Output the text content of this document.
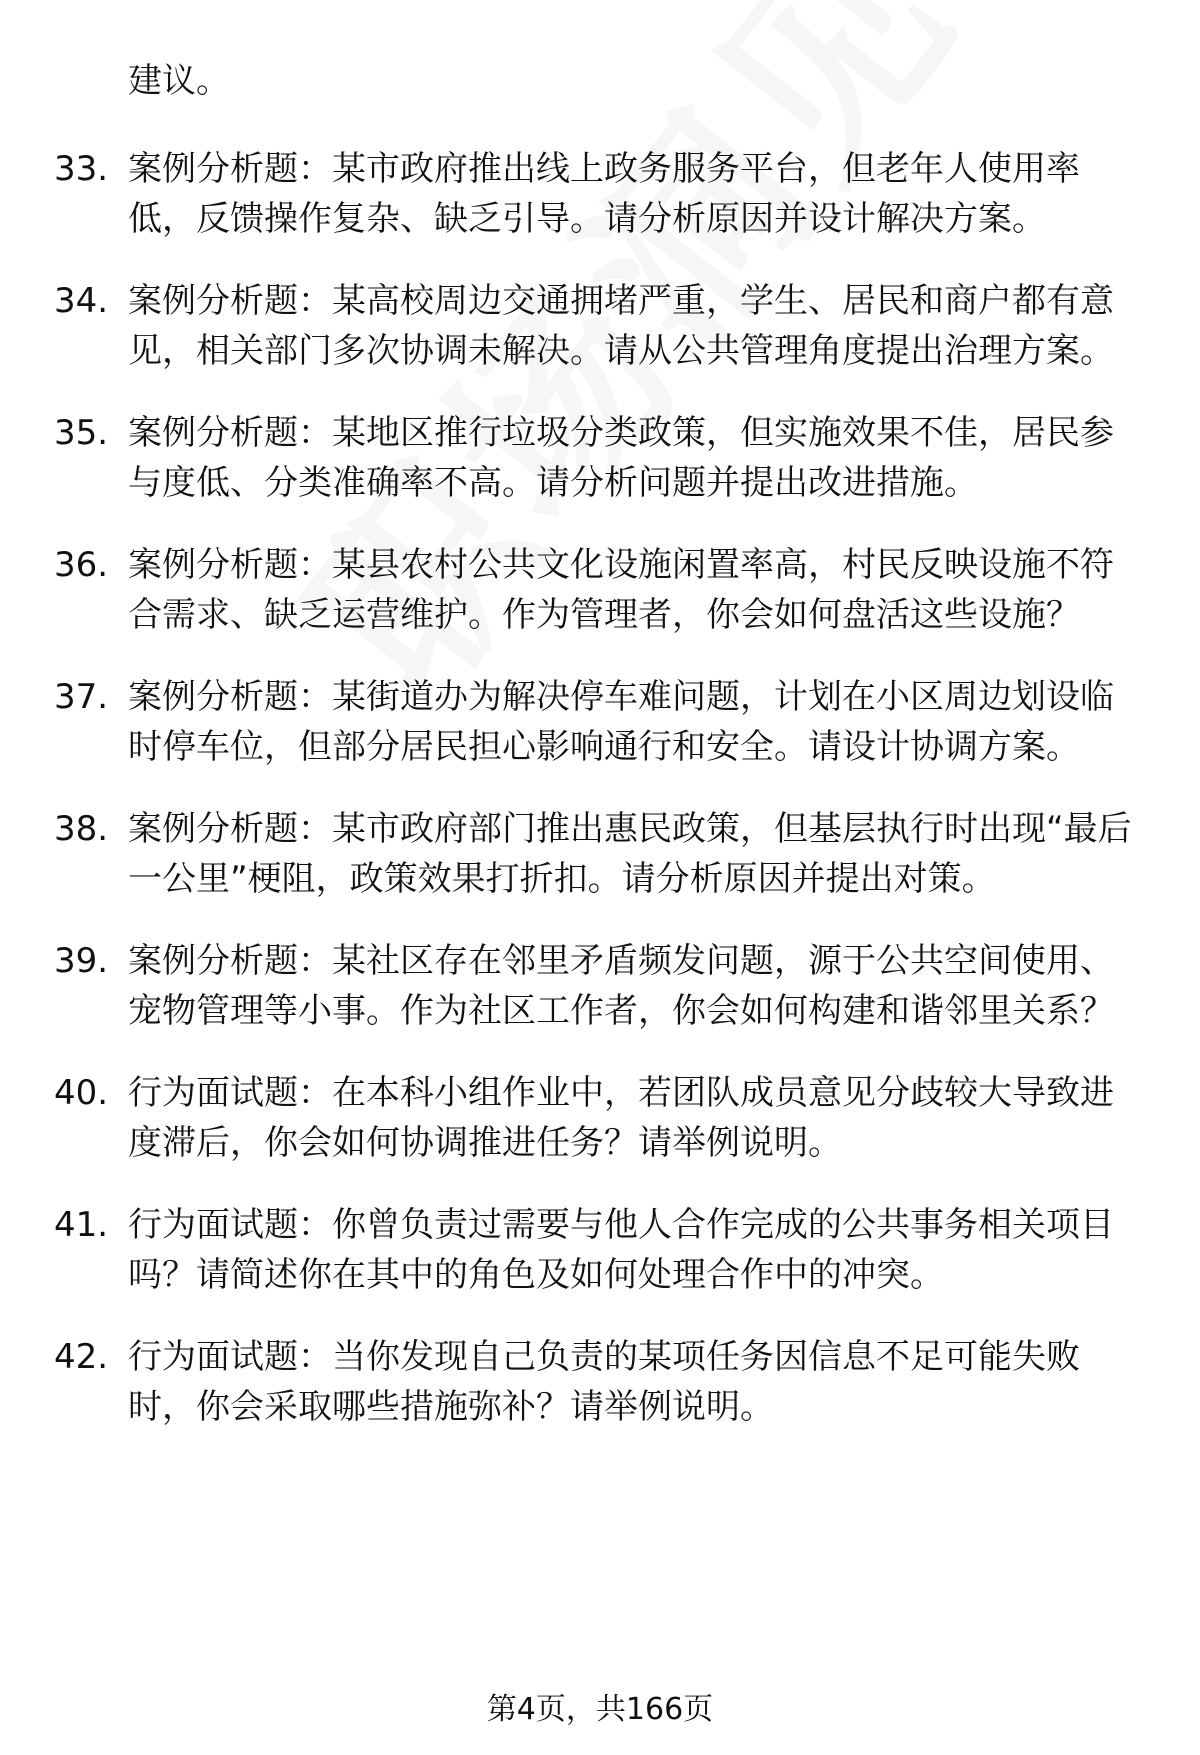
建议。
33. 案例分析题：某市政府推出线上政务服务平台，但老年人使用率低，反馈操作复杂、缺乏引导。请分析原因并设计解决方案。
34. 案例分析题：某高校周边交通拥堵严重，学生、居民和商户都有意见，相关部门多次协调未解决。请从公共管理角度提出治理方案。
35. 案例分析题：某地区推行垃圾分类政策，但实施效果不佳，居民参与度低、分类准确率不高。请分析问题并提出改进措施。
36. 案例分析题：某县农村公共文化设施闲置率高，村民反映设施不符合需求、缺乏运营维护。作为管理者，你会如何盘活这些设施？
37. 案例分析题：某街道办为解决停车难问题，计划在小区周边划设临时停车位，但部分居民担心影响通行和安全。请设计协调方案。
38. 案例分析题：某市政府部门推出惠民政策，但基层执行时出现“最后一公里”梗阻，政策效果打折扣。请分析原因并提出对策。
39. 案例分析题：某社区存在邻里矛盾频发问题，源于公共空间使用、宠物管理等小事。作为社区工作者，你会如何构建和谐邻里关系？
40. 行为面试题：在本科小组作业中，若团队成员意见分歧较大导致进度滞后，你会如何协调推进任务？请举例说明。
41. 行为面试题：你曾负责过需要与他人合作完成的公共事务相关项目吗？请简述你在其中的角色及如何处理合作中的冲突。
42. 行为面试题：当你发现自己负责的某项任务因信息不足可能失败时，你会采取哪些措施弥补？请举例说明。
第4页，共166页
